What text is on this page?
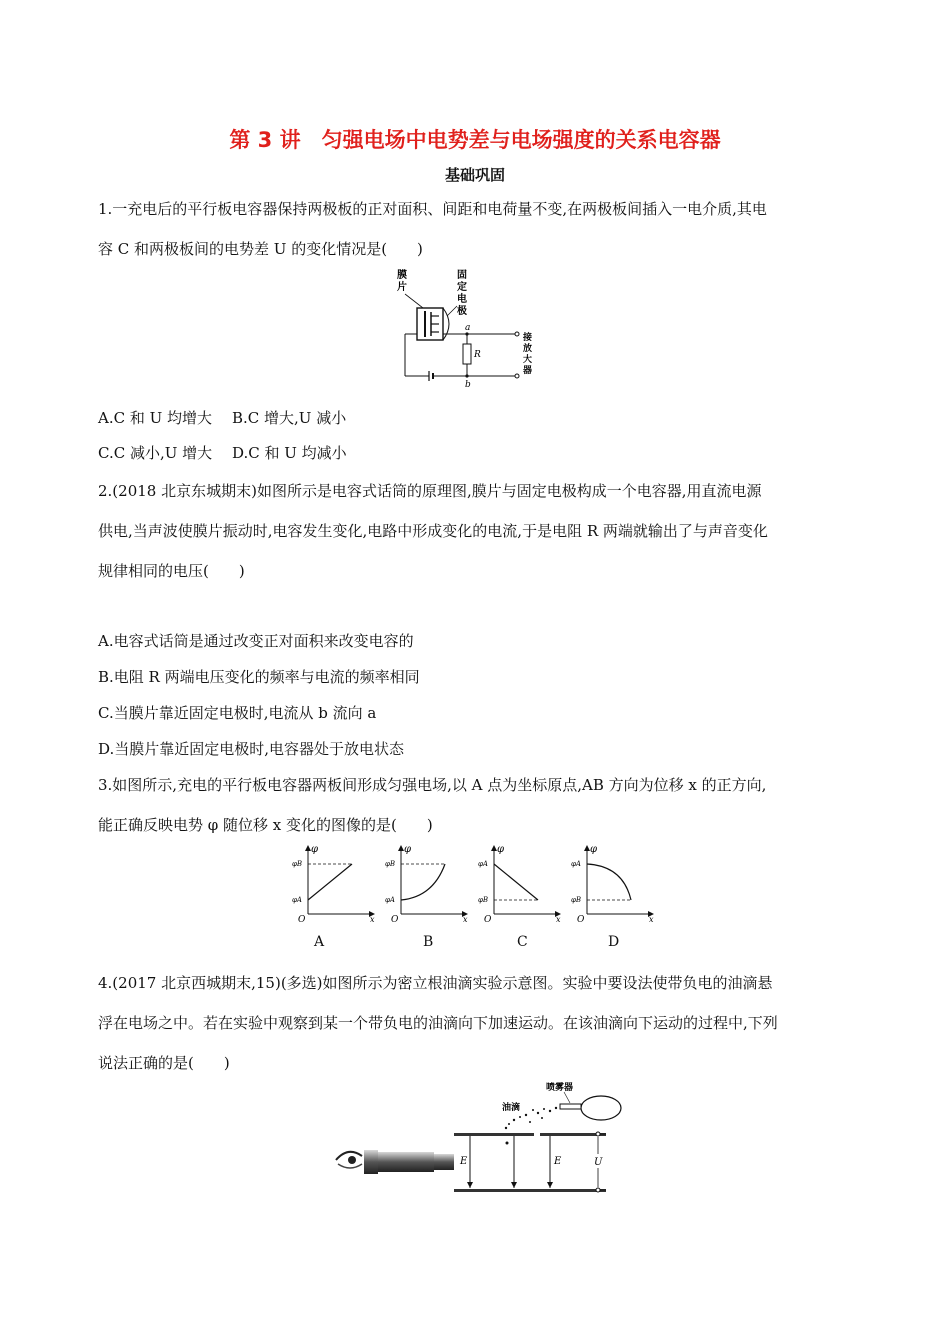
第 3 讲　匀强电场中电势差与电场强度的关系电容器
基础巩固
1.一充电后的平行板电容器保持两极板的正对面积、间距和电荷量不变,在两极板间插入一电介质,其电
容 C 和两极板间的电势差 U 的变化情况是(　　)
膜
片
固
定
电
极
a
R
b
接
放
大
器
A.C 和 U 均增大 B.C 增大,U 减小
C.C 减小,U 增大 D.C 和 U 均减小
2.(2018 北京东城期末)如图所示是电容式话筒的原理图,膜片与固定电极构成一个电容器,用直流电源
供电,当声波使膜片振动时,电容发生变化,电路中形成变化的电流,于是电阻 R 两端就输出了与声音变化
规律相同的电压(　　)
A.电容式话筒是通过改变正对面积来改变电容的
B.电阻 R 两端电压变化的频率与电流的频率相同
C.当膜片靠近固定电极时,电流从 b 流向 a
D.当膜片靠近固定电极时,电容器处于放电状态
3.如图所示,充电的平行板电容器两板间形成匀强电场,以 A 点为坐标原点,AB 方向为位移 x 的正方向,
能正确反映电势 φ 随位移 x 变化的图像的是(　　)
φ
φB
φA
O	x
φ
φB
φA
O	x
φ
φA
φB
O	x
φ
φA
φB
O	x
A	B	C	D
4.(2017 北京西城期末,15)(多选)如图所示为密立根油滴实验示意图。实验中要设法使带负电的油滴悬
浮在电场之中。若在实验中观察到某一个带负电的油滴向下加速运动。在该油滴向下运动的过程中,下列
说法正确的是(　　)
E	E	U
喷雾器
油滴
